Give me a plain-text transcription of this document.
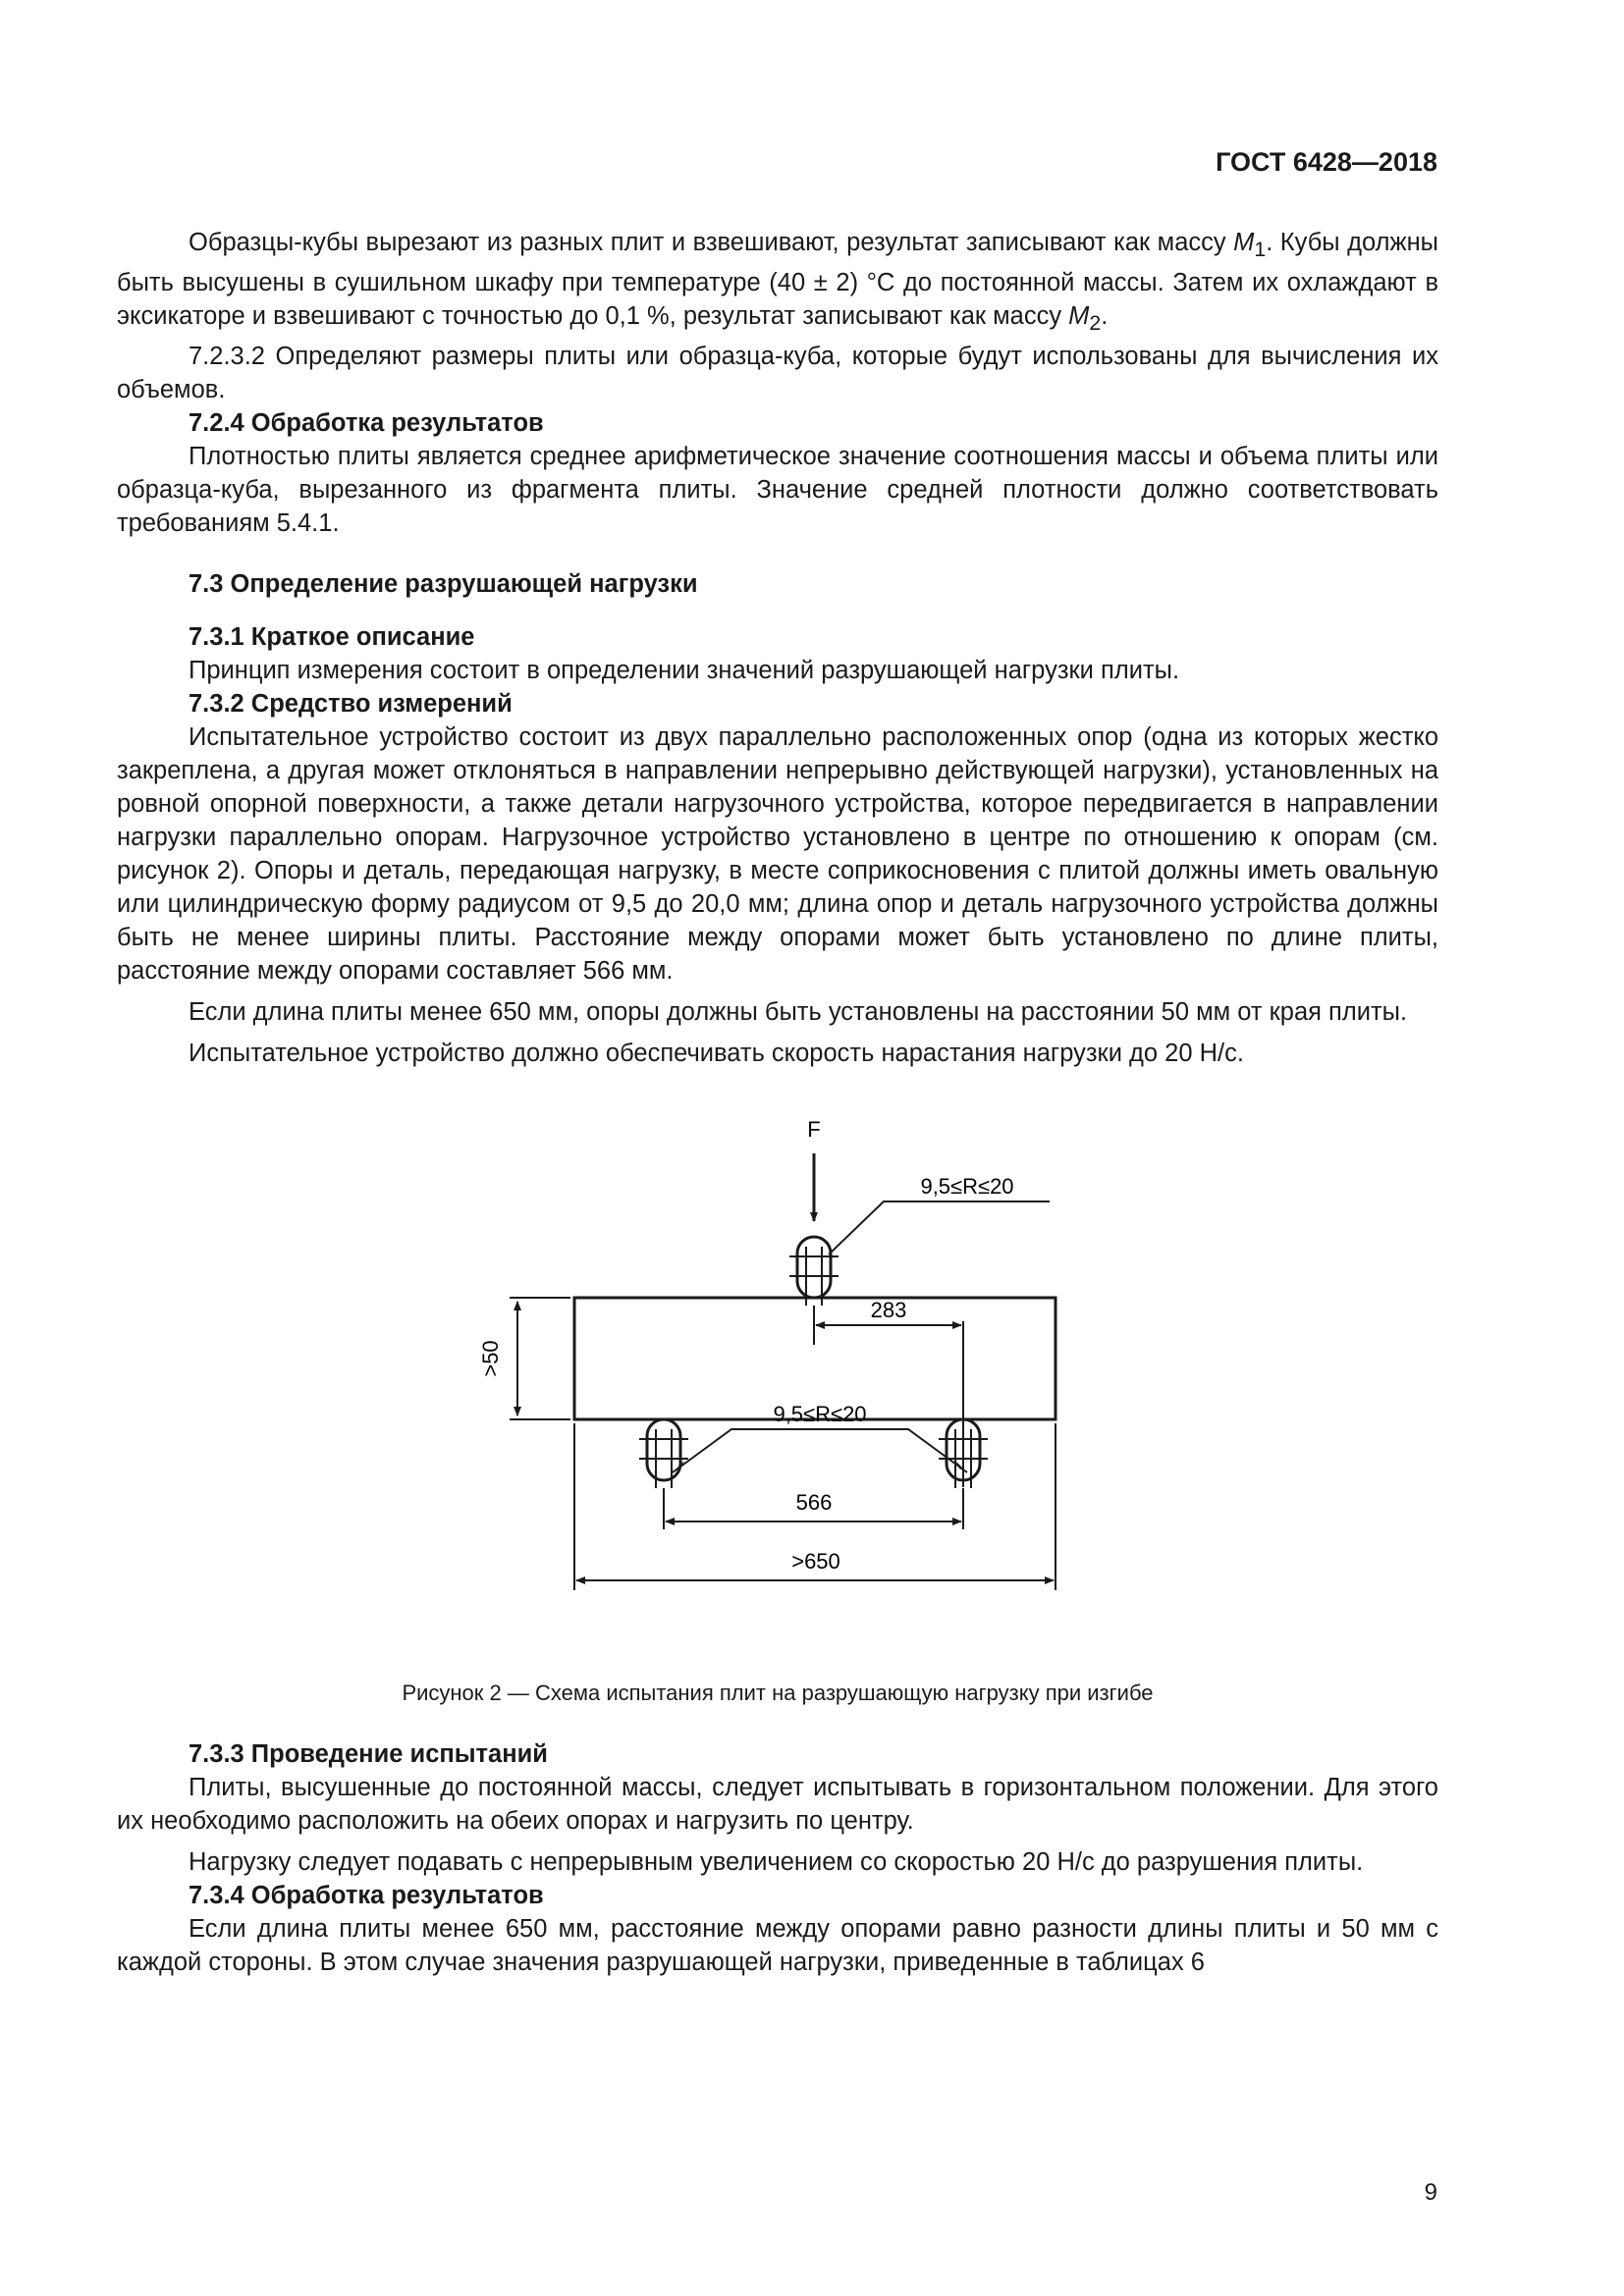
ГОСТ 6428—2018

Образцы-кубы вырезают из разных плит и взвешивают, результат записывают как массу $M_1$. Кубы должны быть высушены в сушильном шкафу при температуре (40 ± 2) °С до постоянной массы. Затем их охлаждают в эксикаторе и взвешивают с точностью до 0,1 %, результат записывают как массу $M_2$.

7.2.3.2 Определяют размеры плиты или образца-куба, которые будут использованы для вычисления их объемов.

7.2.4 Обработка результатов

Плотностью плиты является среднее арифметическое значение соотношения массы и объема плиты или образца-куба, вырезанного из фрагмента плиты. Значение средней плотности должно соответствовать требованиям 5.4.1.

7.3 Определение разрушающей нагрузки
7.3.1 Краткое описание

Принцип измерения состоит в определении значений разрушающей нагрузки плиты.

7.3.2 Средство измерений

Испытательное устройство состоит из двух параллельно расположенных опор (одна из которых жестко закреплена, а другая может отклоняться в направлении непрерывно действующей нагрузки), установленных на ровной опорной поверхности, а также детали нагрузочного устройства, которое передвигается в направлении нагрузки параллельно опорам. Нагрузочное устройство установлено в центре по отношению к опорам (см. рисунок 2). Опоры и деталь, передающая нагрузку, в месте соприкосновения с плитой должны иметь овальную или цилиндрическую форму радиусом от 9,5 до 20,0 мм; длина опор и деталь нагрузочного устройства должны быть не менее ширины плиты. Расстояние между опорами может быть установлено по длине плиты, расстояние между опорами составляет 566 мм.

Если длина плиты менее 650 мм, опоры должны быть установлены на расстоянии 50 мм от края плиты.

Испытательное устройство должно обеспечивать скорость нарастания нагрузки до 20 Н/с.

F
9,5≤R≤20
>50
283
9,5≤R≤20
566
>650
Рисунок 2 — Схема испытания плит на разрушающую нагрузку при изгибе
7.3.3 Проведение испытаний

Плиты, высушенные до постоянной массы, следует испытывать в горизонтальном положении. Для этого их необходимо расположить на обеих опорах и нагрузить по центру.

Нагрузку следует подавать с непрерывным увеличением со скоростью 20 Н/с до разрушения плиты.

7.3.4 Обработка результатов

Если длина плиты менее 650 мм, расстояние между опорами равно разности длины плиты и 50 мм с каждой стороны. В этом случае значения разрушающей нагрузки, приведенные в таблицах 6

9
